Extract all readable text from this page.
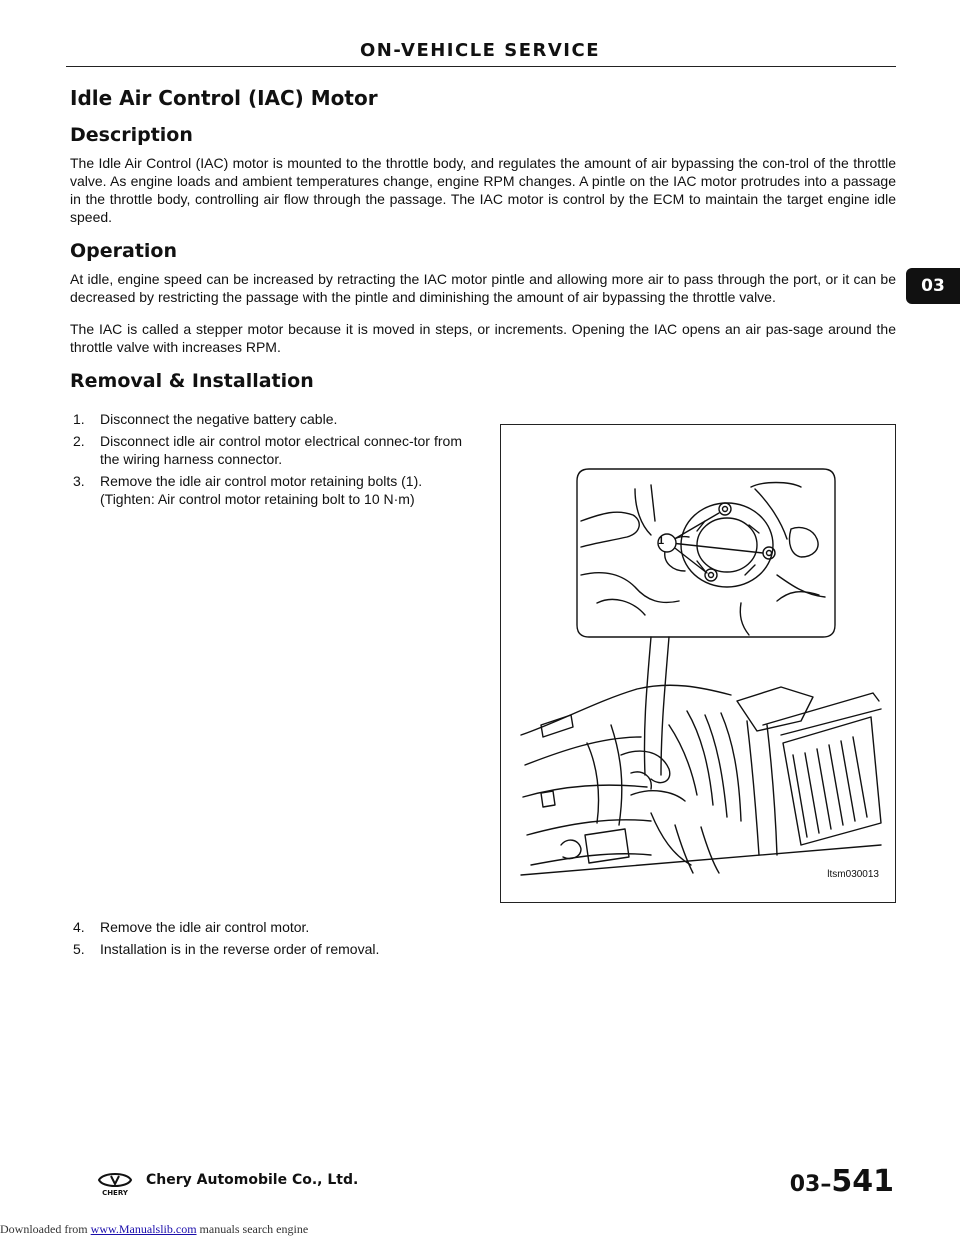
ON-VEHICLE SERVICE
Idle Air Control (IAC) Motor
Description

The Idle Air Control (IAC) motor is mounted to the throttle body, and regulates the amount of air bypassing the con-trol of the throttle valve. As engine loads and ambient temperatures change, engine RPM changes. A pintle on the IAC motor protrudes into a passage in the throttle body, controlling air flow through the passage. The IAC motor is control by the ECM to maintain the target engine idle speed.

Operation

At idle, engine speed can be increased by retracting the IAC motor pintle and allowing more air to pass through the port, or it can be decreased by restricting the passage with the pintle and diminishing the amount of air bypassing the throttle valve.

The IAC is called a stepper motor because it is moved in steps, or increments. Opening the IAC opens an air pas-sage around the throttle valve with increases RPM.

Removal & Installation
1. Disconnect the negative battery cable.
2. Disconnect idle air control motor electrical connec-tor from the wiring harness connector.
3. Remove the idle air control motor retaining bolts (1).
(Tighten: Air control motor retaining bolt to 10 N·m)
1
ltsm030013
4. Remove the idle air control motor.
5. Installation is in the reverse order of removal.
03
CHERY
Chery Automobile Co., Ltd.	03–541
Downloaded from www.Manualslib.com manuals search engine
